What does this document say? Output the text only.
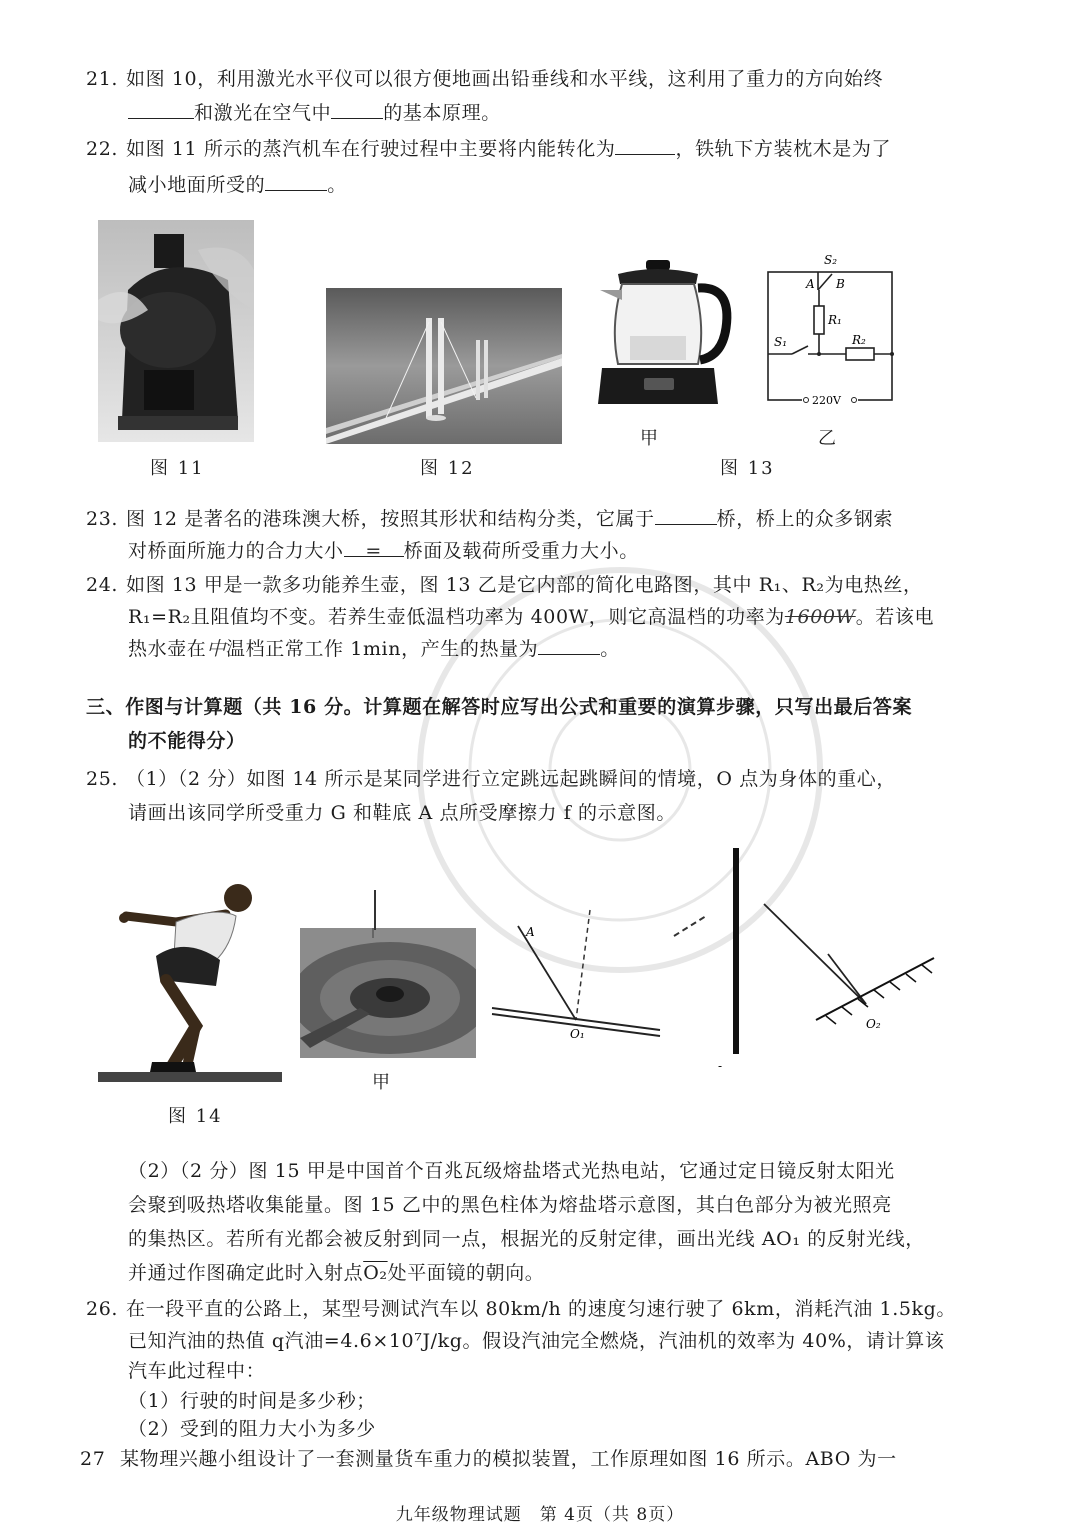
21. 如图 10，利用激光水平仪可以很方便地画出铅垂线和水平线，这利用了重力的方向始终
和激光在空气中	的基本原理。
22. 如图 11 所示的蒸汽机车在行驶过程中主要将内能转化为	，铁轨下方装枕木是为了
减小地面所受的	。
图 11	图 12
甲
S₂
A B
R₁
R₂
S₁
220V
乙
图 13
23. 图 12 是著名的港珠澳大桥，按照其形状和结构分类，它属于	桥，桥上的众多钢索
对桥面所施力的合力大小 = 桥面及载荷所受重力大小。
24. 如图 13 甲是一款多功能养生壶，图 13 乙是它内部的简化电路图，其中 R₁、R₂为电热丝，
R₁=R₂且阻值均不变。若养生壶低温档功率为 400W，则它高温档的功率为1600W。若该电
热水壶在中温档正常工作 1min，产生的热量为	。
三、作图与计算题（共 16 分。计算题在解答时应写出公式和重要的演算步骤，只写出最后答案
的不能得分）
25. （1）（2 分）如图 14 所示是某同学进行立定跳远起跳瞬间的情境，O 点为身体的重心，
请画出该同学所受重力 G 和鞋底 A 点所受摩擦力 f 的示意图。
图 14
甲
A
O₁
O₂
-
（2）（2 分）图 15 甲是中国首个百兆瓦级熔盐塔式光热电站，它通过定日镜反射太阳光
会聚到吸热塔收集能量。图 15 乙中的黑色柱体为熔盐塔示意图，其白色部分为被光照亮
的集热区。若所有光都会被反射到同一点，根据光的反射定律，画出光线 AO₁ 的反射光线，
并通过作图确定此时入射点O₂处平面镜的朝向。
26. 在一段平直的公路上，某型号测试汽车以 80km/h 的速度匀速行驶了 6km，消耗汽油 1.5kg。
已知汽油的热值 q汽油=4.6×10⁷J/kg。假设汽油完全燃烧，汽油机的效率为 40%，请计算该
汽车此过程中：
（1）行驶的时间是多少秒；
（2）受到的阻力大小为多少
27 某物理兴趣小组设计了一套测量货车重力的模拟装置，工作原理如图 16 所示。ABO 为一
九年级物理试题　第 4页（共 8页）
